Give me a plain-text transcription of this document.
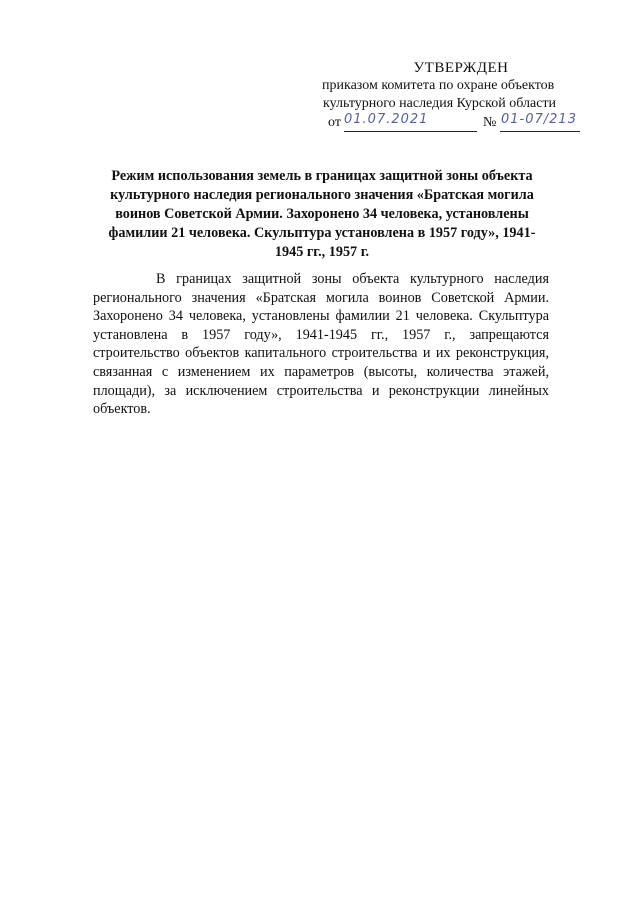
УТВЕРЖДЕН
приказом комитета по охране объектов
культурного наследия Курской области
от 01.07.2021	№ 01-07/213
Режим использования земель в границах защитной зоны объекта культурного наследия регионального значения «Братская могила воинов Советской Армии. Захоронено 34 человека, установлены фамилии 21 человека. Скульптура установлена в 1957 году», 1941-1945 гг., 1957 г.
В границах защитной зоны объекта культурного наследия регионального значения «Братская могила воинов Советской Армии. Захоронено 34 человека, установлены фамилии 21 человека. Скульптура установлена в 1957 году», 1941-1945 гг., 1957 г., запрещаются строительство объектов капитального строительства и их реконструкция, связанная с изменением их параметров (высоты, количества этажей, площади), за исключением строительства и реконструкции линейных объектов.
